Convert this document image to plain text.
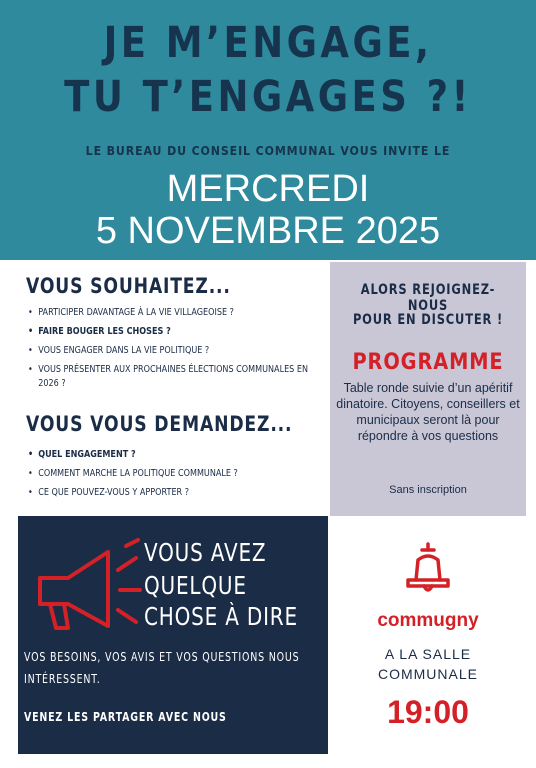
JE M’ENGAGE,
TU T’ENGAGES ?!
LE BUREAU DU CONSEIL COMMUNAL VOUS INVITE LE
MERCREDI
5 NOVEMBRE 2025
VOUS SOUHAITEZ...
• PARTICIPER DAVANTAGE À LA VIE VILLAGEOISE ?
• FAIRE BOUGER LES CHOSES ?
• VOUS ENGAGER DANS LA VIE POLITIQUE ?
• VOUS PRÉSENTER AUX PROCHAINES ÉLECTIONS COMMUNALES EN 2026 ?
VOUS VOUS DEMANDEZ...
• QUEL ENGAGEMENT ?
• COMMENT MARCHE LA POLITIQUE COMMUNALE ?
• CE QUE POUVEZ-VOUS Y APPORTER ?
ALORS REJOIGNEZ-NOUS
POUR EN DISCUTER !
PROGRAMME
Table ronde suivie d’un apéritif dinatoire. Citoyens, conseillers et municipaux seront là pour répondre à vos questions
Sans inscription
VOUS AVEZ
QUELQUE
CHOSE À DIRE
VOS BESOINS, VOS AVIS ET VOS QUESTIONS NOUS INTÉRESSENT.
VENEZ LES PARTAGER AVEC NOUS
commugny
A LA SALLE
COMMUNALE
19:00
